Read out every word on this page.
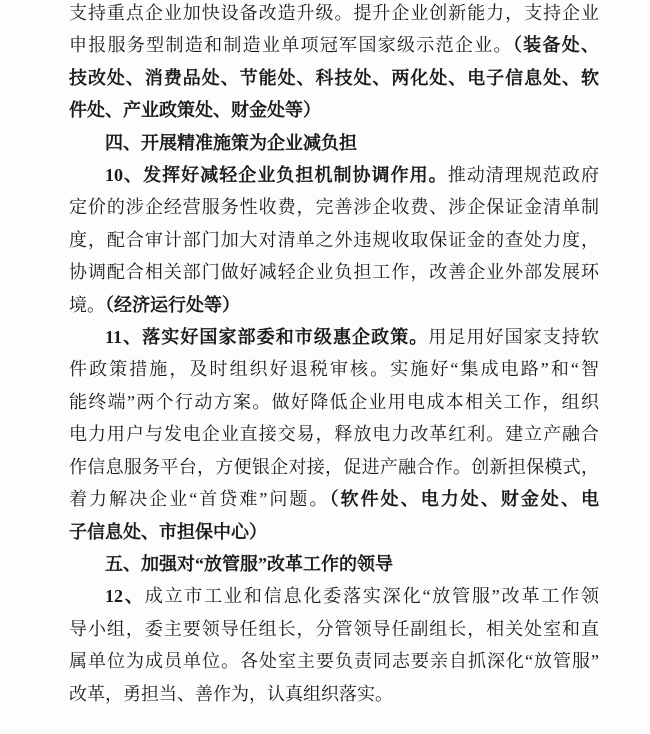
支持重点企业加快设备改造升级。提升企业创新能力，支持企业
申报服务型制造和制造业单项冠军国家级示范企业。（装备处、
技改处、消费品处、节能处、科技处、两化处、电子信息处、软
件处、产业政策处、财金处等）
四、开展精准施策为企业减负担
10、发挥好减轻企业负担机制协调作用。推动清理规范政府
定价的涉企经营服务性收费，完善涉企收费、涉企保证金清单制
度，配合审计部门加大对清单之外违规收取保证金的查处力度，
协调配合相关部门做好减轻企业负担工作，改善企业外部发展环
境。（经济运行处等）
11、落实好国家部委和市级惠企政策。用足用好国家支持软
件政策措施，及时组织好退税审核。实施好“集成电路”和“智
能终端”两个行动方案。做好降低企业用电成本相关工作，组织
电力用户与发电企业直接交易，释放电力改革红利。建立产融合
作信息服务平台，方便银企对接，促进产融合作。创新担保模式，
着力解决企业“首贷难”问题。（软件处、电力处、财金处、电
子信息处、市担保中心）
五、加强对“放管服”改革工作的领导
12、成立市工业和信息化委落实深化“放管服”改革工作领
导小组，委主要领导任组长，分管领导任副组长，相关处室和直
属单位为成员单位。各处室主要负责同志要亲自抓深化“放管服”
改革，勇担当、善作为，认真组织落实。
